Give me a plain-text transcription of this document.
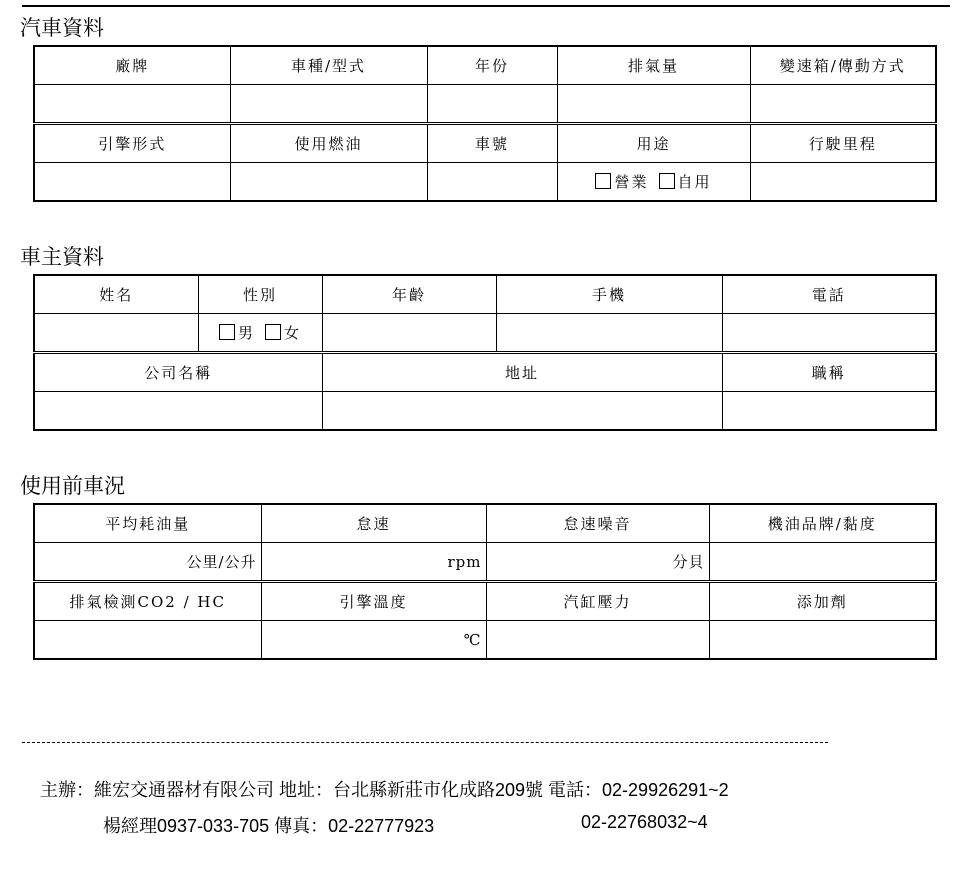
汽車資料
廠牌	車種/型式	年份	排氣量	變速箱/傳動方式

引擎形式	使用燃油	車號	用途	行駛里程
			營業 自用	
車主資料
姓名	性別	年齡	手機	電話
	男 女			
公司名稱		地址		職稱

使用前車況
平均耗油量	怠速	怠速噪音	機油品牌/黏度
公里/公升	rpm	分貝	
排氣檢測CO2 / HC	引擎溫度	汽缸壓力	添加劑
	℃		
主辦：維宏交通器材有限公司 地址：台北縣新莊市化成路209號 電話：02-29926291~2
楊經理0937-033-705 傳真：02-22777923	02-22768032~4
